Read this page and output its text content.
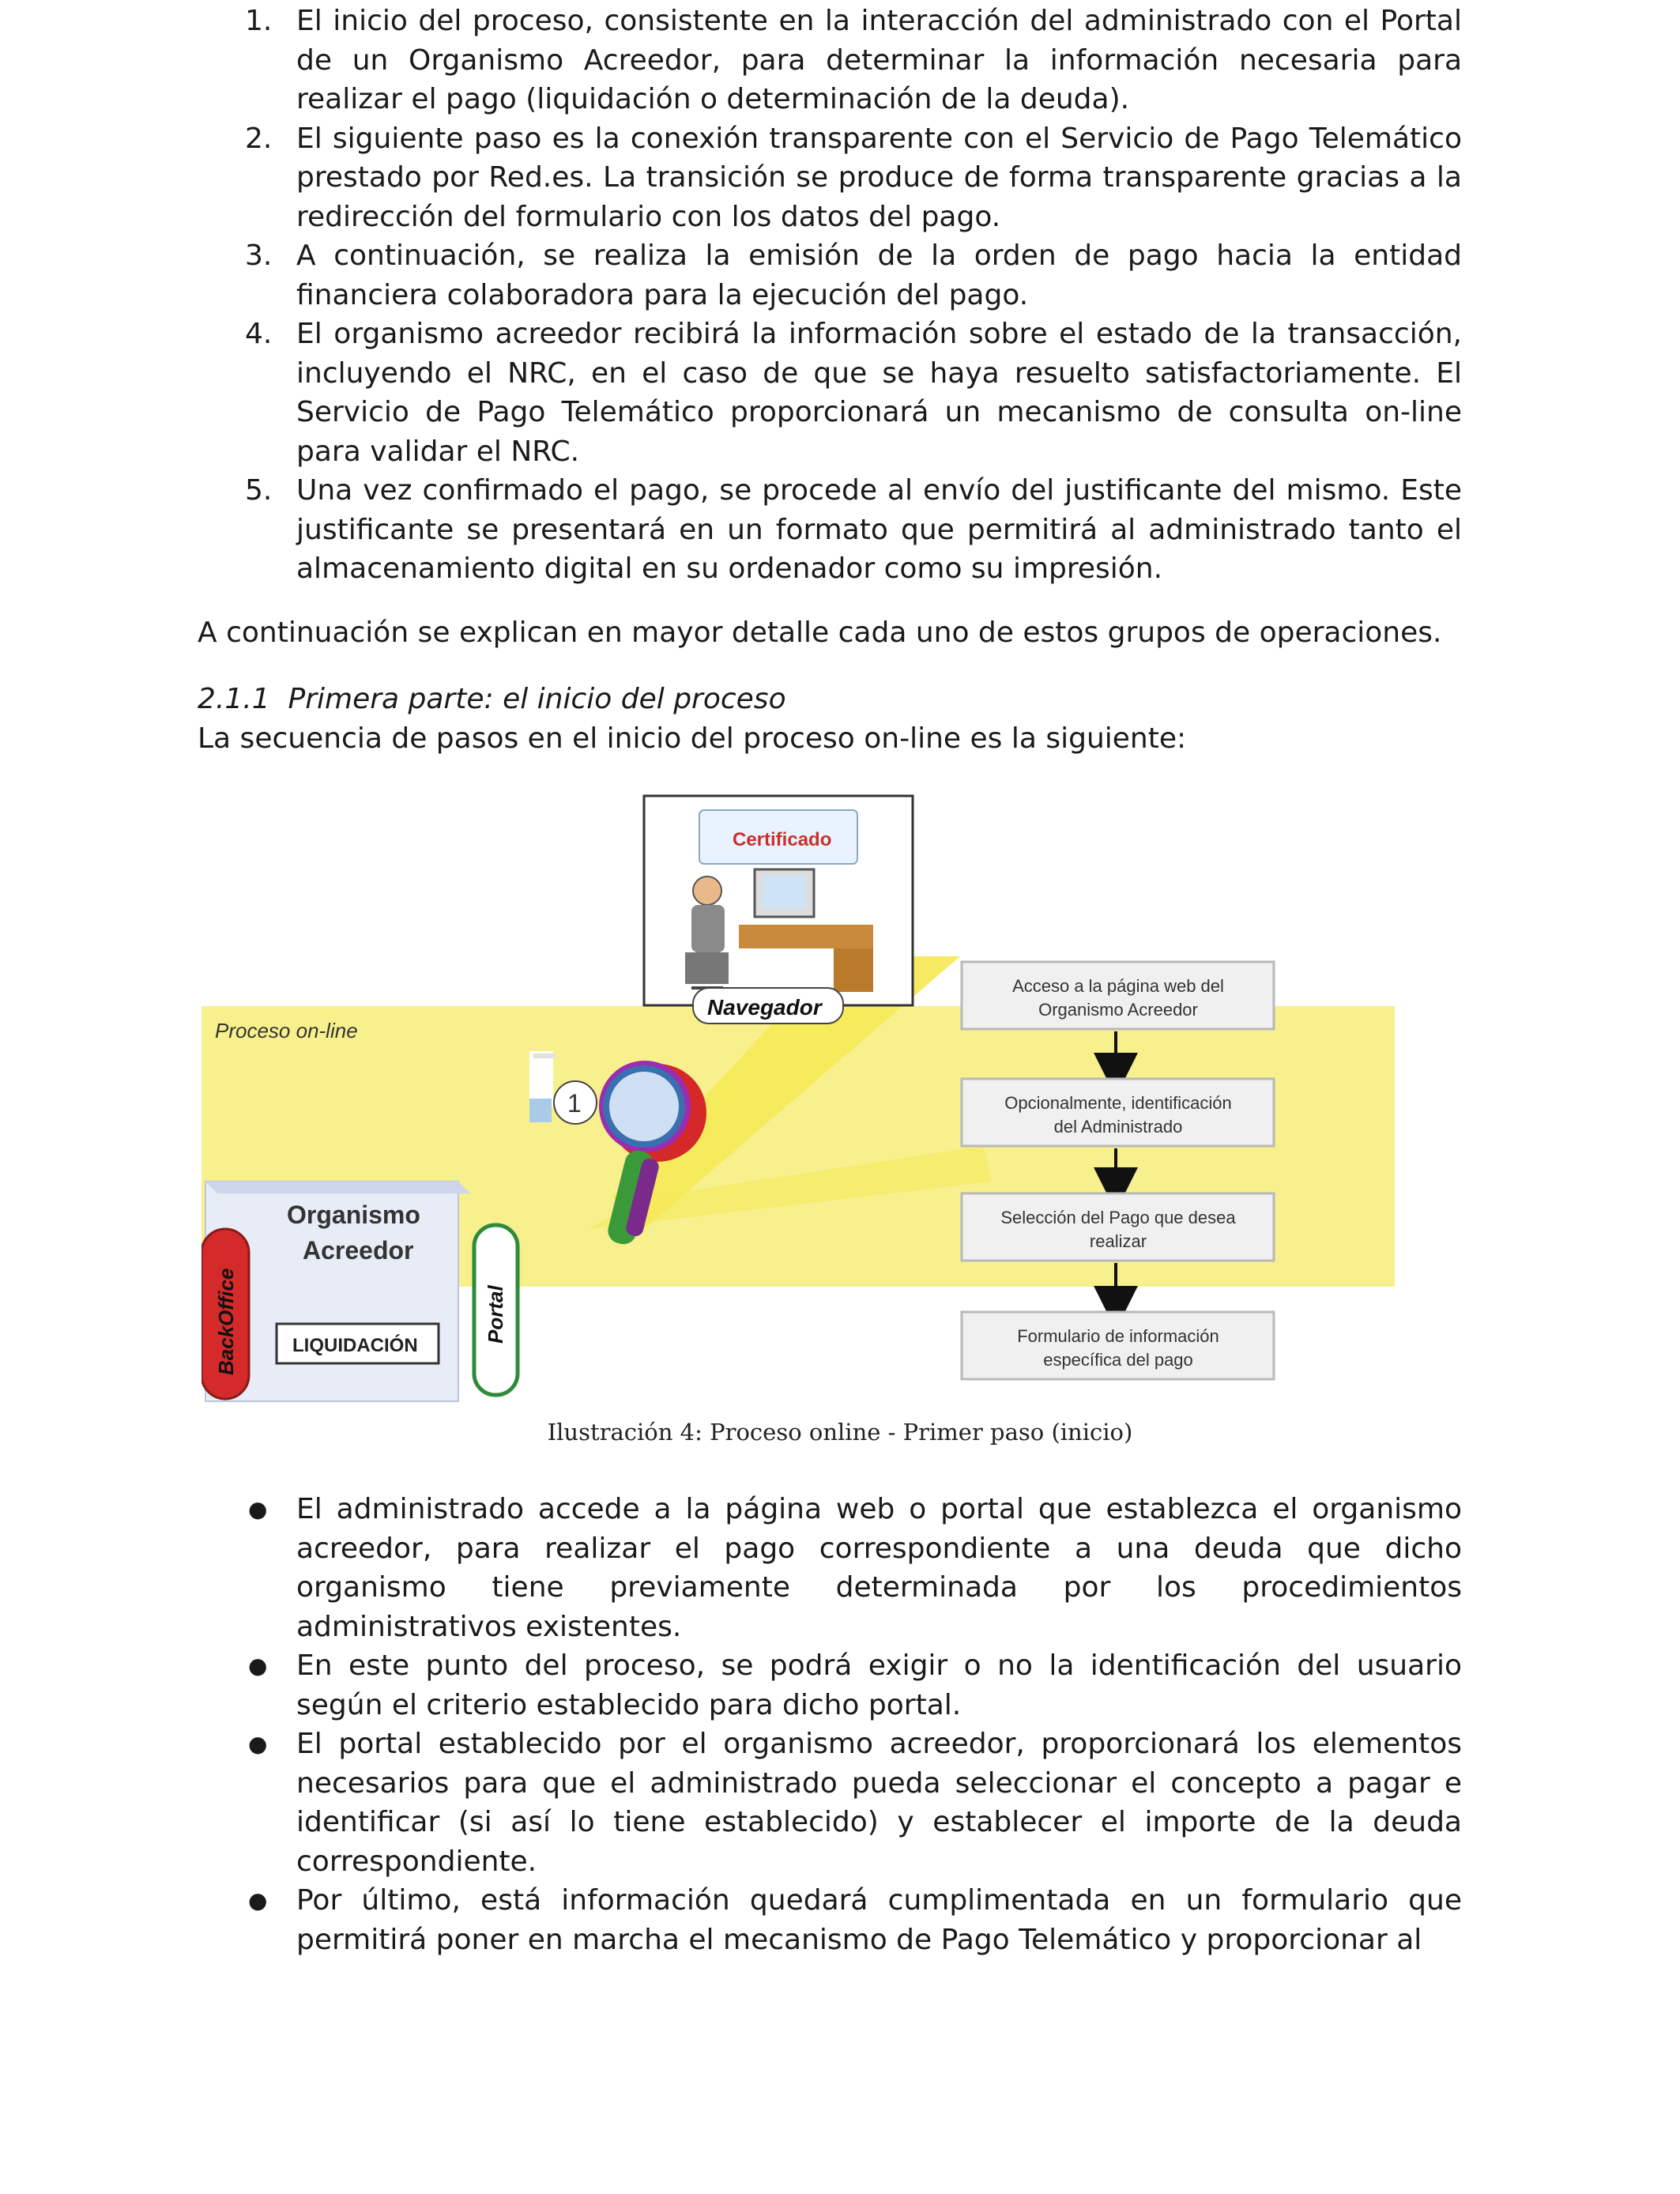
1. El inicio del proceso, consistente en la interacción del administrado con el Portal de un Organismo Acreedor, para determinar la información necesaria para realizar el pago (liquidación o determinación de la deuda).
2. El siguiente paso es la conexión transparente con el Servicio de Pago Telemático prestado por Red.es. La transición se produce de forma transparente gracias a la redirección del formulario con los datos del pago.
3. A continuación, se realiza la emisión de la orden de pago hacia la entidad financiera colaboradora para la ejecución del pago.
4. El organismo acreedor recibirá la información sobre el estado de la transacción, incluyendo el NRC, en el caso de que se haya resuelto satisfactoriamente. El Servicio de Pago Telemático proporcionará un mecanismo de consulta on-line para validar el NRC.
5. Una vez confirmado el pago, se procede al envío del justificante del mismo. Este justificante se presentará en un formato que permitirá al administrado tanto el almacenamiento digital en su ordenador como su impresión.
A continuación se explican en mayor detalle cada uno de estos grupos de operaciones.
2.1.1  Primera parte: el inicio del proceso
La secuencia de pasos en el inicio del proceso on-line es la siguiente:
Proceso on-line
Certificado
Navegador
1
Organismo
Acreedor
LIQUIDACIÓN
BackOffice	Portal
Acceso a la página web del
Organismo Acreedor
Opcionalmente, identificación
del Administrado
Selección del Pago que desea
realizar
Formulario de información
específica del pago
Ilustración 4: Proceso online - Primer paso (inicio)
● El administrado accede a la página web o portal que establezca el organismo acreedor, para realizar el pago correspondiente a una deuda que dicho organismo tiene previamente determinada por los procedimientos administrativos existentes.
● En este punto del proceso, se podrá exigir o no la identificación del usuario según el criterio establecido para dicho portal.
● El portal establecido por el organismo acreedor, proporcionará los elementos necesarios para que el administrado pueda seleccionar el concepto a pagar e identificar (si así lo tiene establecido) y establecer el importe de la deuda correspondiente.
● Por último, está información quedará cumplimentada en un formulario que permitirá poner en marcha el mecanismo de Pago Telemático y proporcionar al
